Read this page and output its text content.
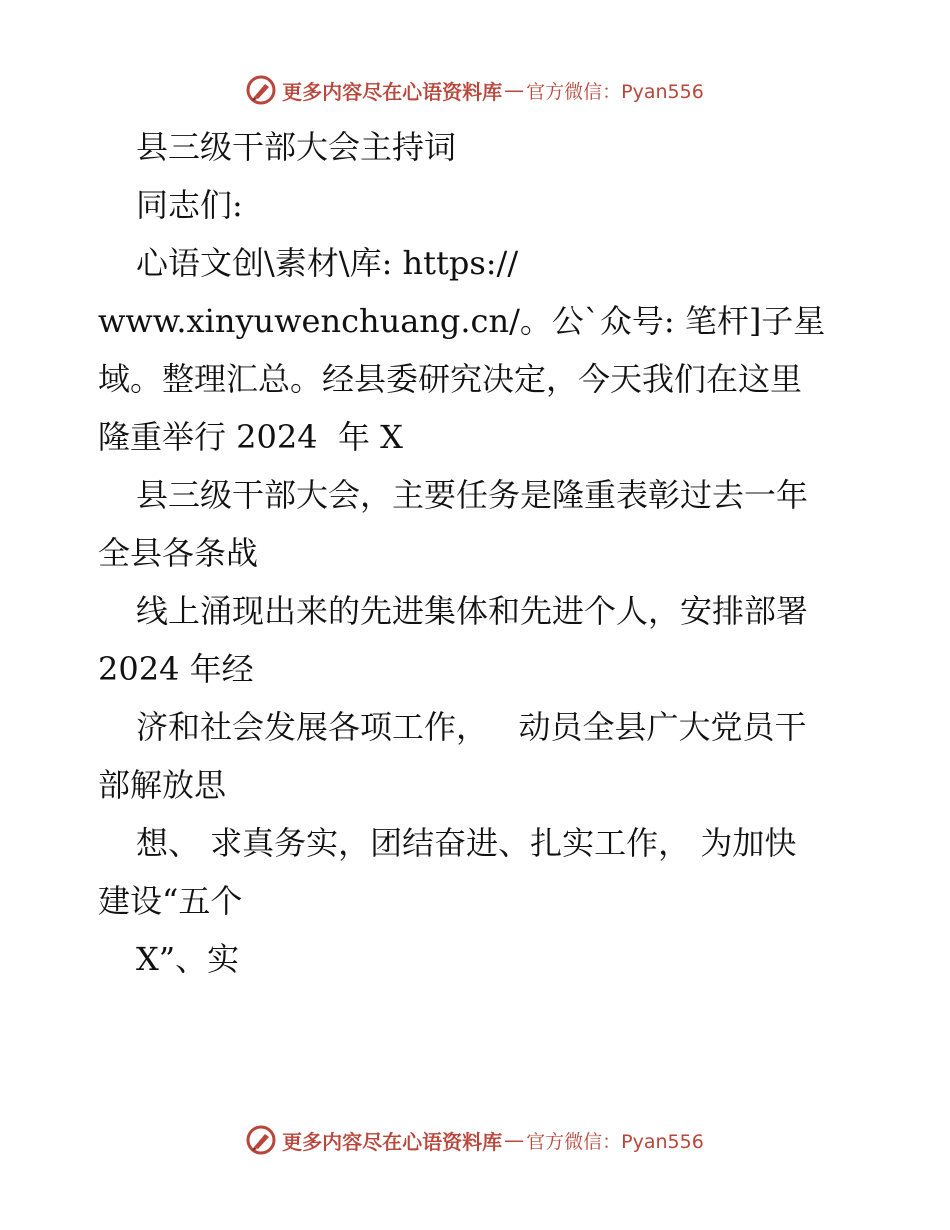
更多内容尽在心语资料库 — 官方微信：Pyan556
县三级干部大会主持词
同志们:
心语文创\素材\库: https://
www.xinyuwenchuang.cn/。公`众号: 笔杆]子星
域。整理汇总。经县委研究决定，今天我们在这里
隆重举行 2024  年 X
县三级干部大会，主要任务是隆重表彰过去一年
全县各条战
线上涌现出来的先进集体和先进个人，安排部署
2024 年经
济和社会发展各项工作，   动员全县广大党员干
部解放思
想、 求真务实，团结奋进、扎实工作， 为加快
建设“五个
X”、实
更多内容尽在心语资料库 — 官方微信：Pyan556
